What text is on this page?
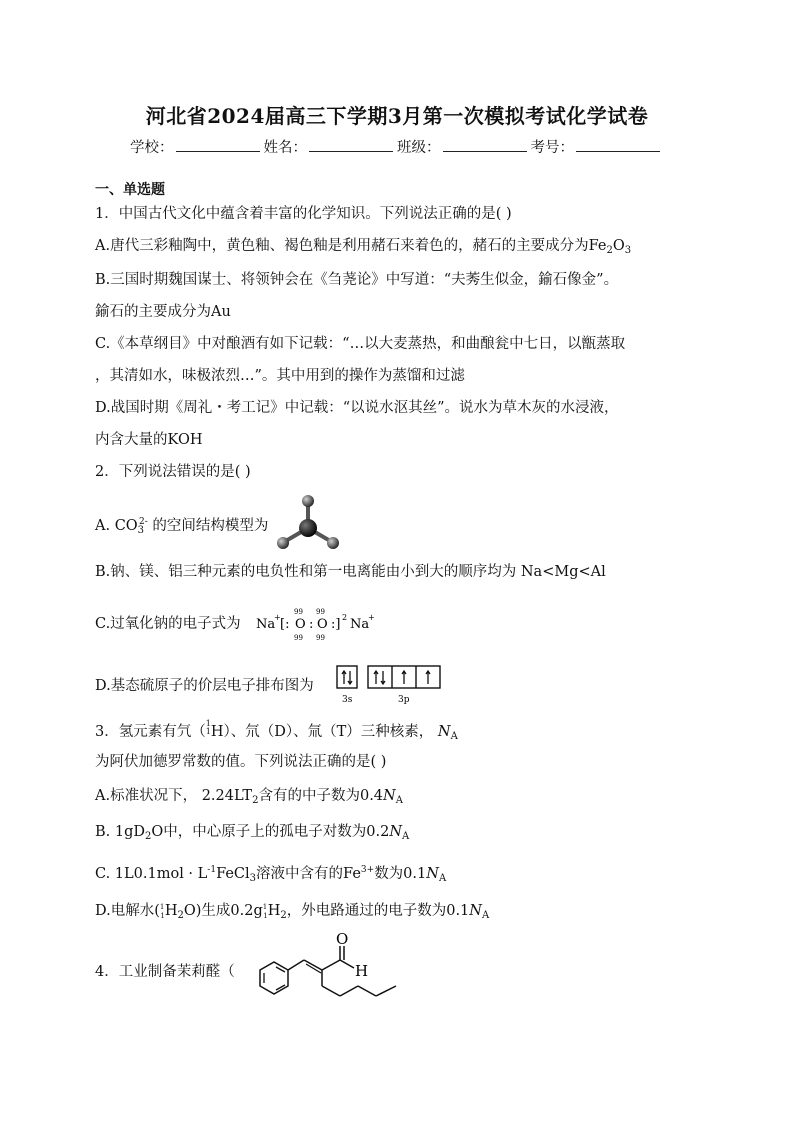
河北省2024届高三下学期3月第一次模拟考试化学试卷
学校：	姓名：	班级：	考号：
一、单选题
1．中国古代文化中蕴含着丰富的化学知识。下列说法正确的是( )
A.唐代三彩釉陶中，黄色釉、褐色釉是利用赭石来着色的，赭石的主要成分为$Fe_2O_3$
B.三国时期魏国谋士、将领钟会在《刍荛论》中写道：“夫莠生似金，鍮石像金”。
鍮石的主要成分为Au
C.《本草纲目》中对酿酒有如下记载：“…以大麦蒸热，和曲酿瓮中七日，以甑蒸取
，其清如水，味极浓烈…”。其中用到的操作为蒸馏和过滤
D.战国时期《周礼・考工记》中记载：“以说水沤其丝”。说水为草木灰的水浸液，
内含大量的KOH
2．下列说法错误的是( )
A. $CO_3^{2-}$ 的空间结构模型为
B.钠、镁、铝三种元素的电负性和第一电离能由小到大的顺序均为 Na<Mg<Al
C.过氧化钠的电子式为 Na
+ [:
99
O
99
:
99
O
99
:] 2 Na
+
D.基态硫原子的价层电子排布图为
3s	3p
3．氢元素有氕（
1
1 H）、氘（D）、氚（T）三种核素， $N_A$
为阿伏加德罗常数的值。下列说法正确的是( )
A.标准状况下， $2.24LT_2$含有的中子数为$0.4N_A$
B. $1gD_2O$中，中心原子上的孤电子对数为$0.2N_A$
C. $1L0.1mol \cdot L^{-1}FeCl_3$溶液中含有的$Fe^{3+}$数为$0.1N_A$
D.电解水$(^1_1H_2O)$生成$0.2g^1_1H_2$，外电路通过的电子数为$0.1N_A$
4．工业制备茉莉醛（
O
H
